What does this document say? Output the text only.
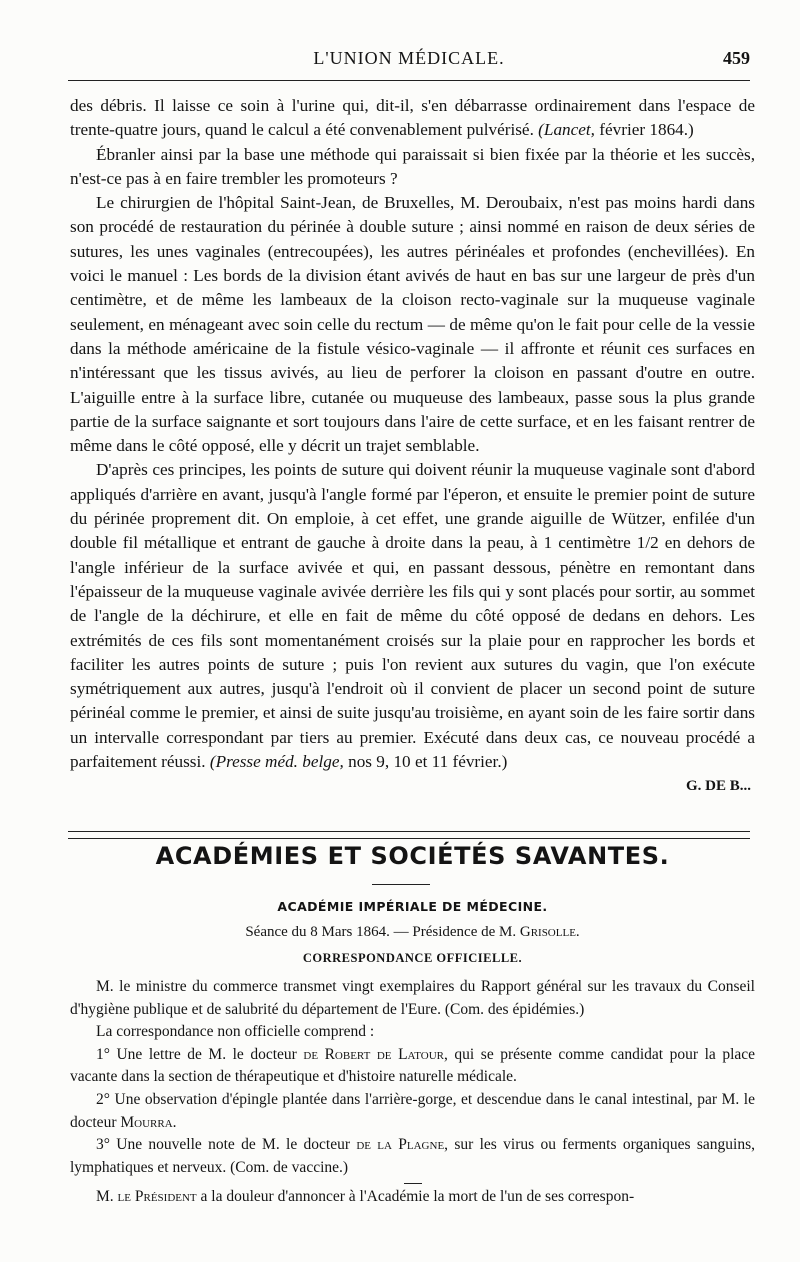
L'UNION MÉDICALE.	459

des débris. Il laisse ce soin à l'urine qui, dit-il, s'en débarrasse ordinairement dans l'espace de trente-quatre jours, quand le calcul a été convenablement pulvérisé. (Lancet, février 1864.)

Ébranler ainsi par la base une méthode qui paraissait si bien fixée par la théorie et les succès, n'est-ce pas à en faire trembler les promoteurs ?

Le chirurgien de l'hôpital Saint-Jean, de Bruxelles, M. Deroubaix, n'est pas moins hardi dans son procédé de restauration du périnée à double suture ; ainsi nommé en raison de deux séries de sutures, les unes vaginales (entrecoupées), les autres périnéales et profondes (enchevillées). En voici le manuel : Les bords de la division étant avivés de haut en bas sur une largeur de près d'un centimètre, et de même les lambeaux de la cloison recto-vaginale sur la muqueuse vaginale seulement, en ménageant avec soin celle du rectum — de même qu'on le fait pour celle de la vessie dans la méthode américaine de la fistule vésico-vaginale — il affronte et réunit ces surfaces en n'intéressant que les tissus avivés, au lieu de perforer la cloison en passant d'outre en outre. L'aiguille entre à la surface libre, cutanée ou muqueuse des lambeaux, passe sous la plus grande partie de la surface saignante et sort toujours dans l'aire de cette surface, et en les faisant rentrer de même dans le côté opposé, elle y décrit un trajet semblable.

D'après ces principes, les points de suture qui doivent réunir la muqueuse vaginale sont d'abord appliqués d'arrière en avant, jusqu'à l'angle formé par l'éperon, et ensuite le premier point de suture du périnée proprement dit. On emploie, à cet effet, une grande aiguille de Wützer, enfilée d'un double fil métallique et entrant de gauche à droite dans la peau, à 1 centimètre 1/2 en dehors de l'angle inférieur de la surface avivée et qui, en passant dessous, pénètre en remontant dans l'épaisseur de la muqueuse vaginale avivée derrière les fils qui y sont placés pour sortir, au sommet de l'angle de la déchirure, et elle en fait de même du côté opposé de dedans en dehors. Les extrémités de ces fils sont momentanément croisés sur la plaie pour en rapprocher les bords et faciliter les autres points de suture ; puis l'on revient aux sutures du vagin, que l'on exécute symétriquement aux autres, jusqu'à l'endroit où il convient de placer un second point de suture périnéal comme le premier, et ainsi de suite jusqu'au troisième, en ayant soin de les faire sortir dans un intervalle correspondant par tiers au premier. Exécuté dans deux cas, ce nouveau procédé a parfaitement réussi. (Presse méd. belge, nos 9, 10 et 11 février.)

G. DE B...

ACADÉMIES ET SOCIÉTÉS SAVANTES.
ACADÉMIE IMPÉRIALE DE MÉDECINE.
Séance du 8 Mars 1864. — Présidence de M. Grisolle.
CORRESPONDANCE OFFICIELLE.

M. le ministre du commerce transmet vingt exemplaires du Rapport général sur les travaux du Conseil d'hygiène publique et de salubrité du département de l'Eure. (Com. des épidémies.)

La correspondance non officielle comprend :

1° Une lettre de M. le docteur de Robert de Latour, qui se présente comme candidat pour la place vacante dans la section de thérapeutique et d'histoire naturelle médicale.

2° Une observation d'épingle plantée dans l'arrière-gorge, et descendue dans le canal intestinal, par M. le docteur Mourra.

3° Une nouvelle note de M. le docteur de la Plagne, sur les virus ou ferments organiques sanguins, lymphatiques et nerveux. (Com. de vaccine.)

M. le Président a la douleur d'annoncer à l'Académie la mort de l'un de ses correspon-
